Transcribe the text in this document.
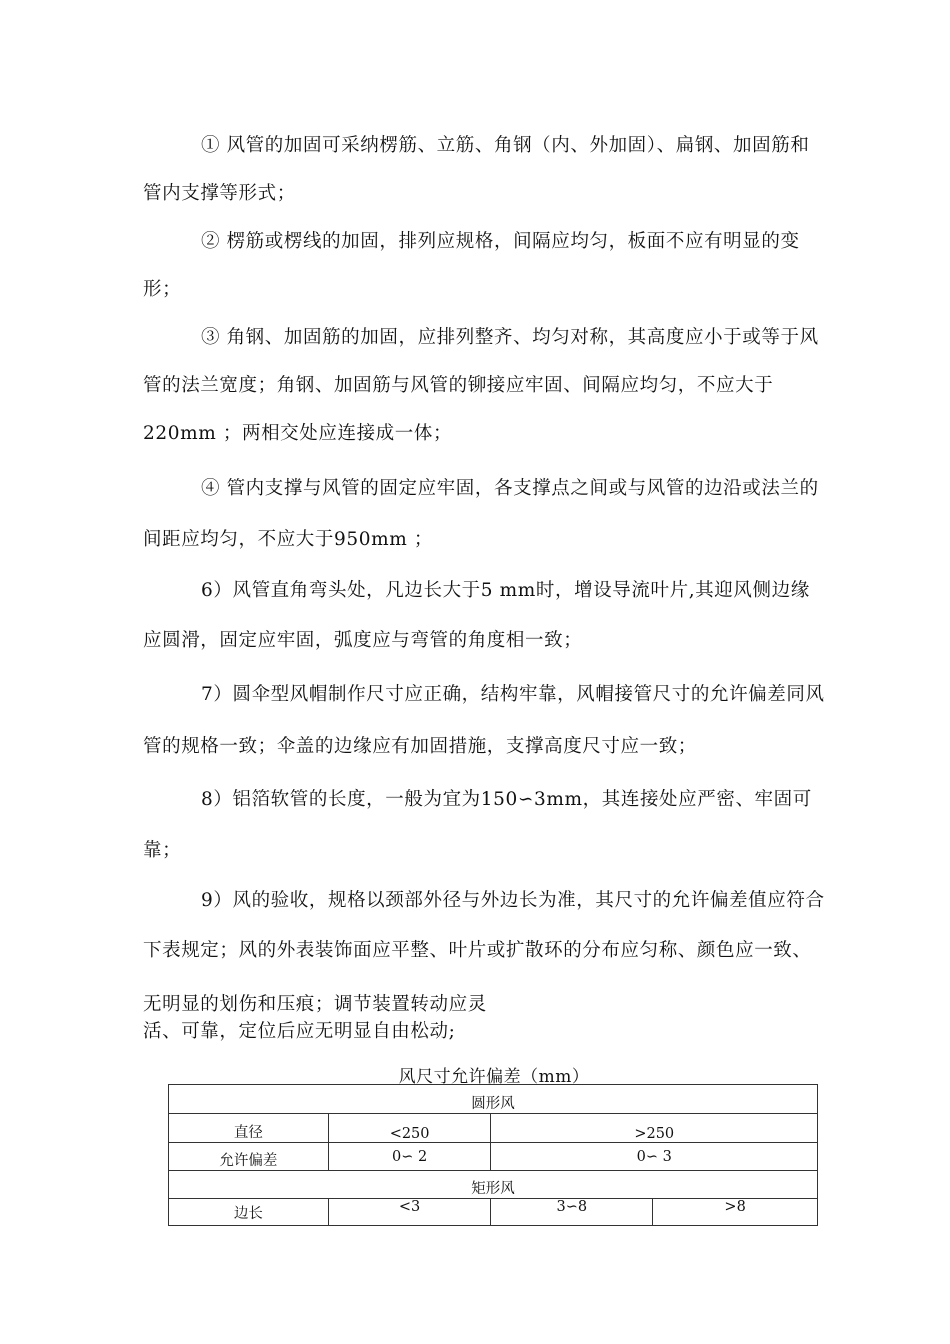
① 风管的加固可采纳楞筋、立筋、角钢（内、外加固）、扁钢、加固筋和
管内支撑等形式；
② 楞筋或楞线的加固，排列应规格，间隔应均匀，板面不应有明显的变
形；
③ 角钢、加固筋的加固，应排列整齐、均匀对称，其高度应小于或等于风
管的法兰宽度；角钢、加固筋与风管的铆接应牢固、间隔应均匀，不应大于
220mm ；两相交处应连接成一体；
④ 管内支撑与风管的固定应牢固，各支撑点之间或与风管的边沿或法兰的
间距应均匀，不应大于950mm ；
6）风管直角弯头处，凡边长大于5 mm时，增设导流叶片,其迎风侧边缘
应圆滑，固定应牢固，弧度应与弯管的角度相一致；
7）圆伞型风帽制作尺寸应正确，结构牢靠，风帽接管尺寸的允许偏差同风
管的规格一致；伞盖的边缘应有加固措施，支撑高度尺寸应一致；
8）铝箔软管的长度，一般为宜为150∽3mm，其连接处应严密、牢固可
靠；
9）风的验收，规格以颈部外径与外边长为准，其尺寸的允许偏差值应符合
下表规定；风的外表装饰面应平整、叶片或扩散环的分布应匀称、颜色应一致、
无明显的划伤和压痕；调节装置转动应灵
活、可靠，定位后应无明显自由松动;
风尺寸允许偏差（mm）
圆形风			
直径	<250	>250	
允许偏差	0∽ 2	0∽ 3	
矩形风			
边长	<3	3∽8	>8
